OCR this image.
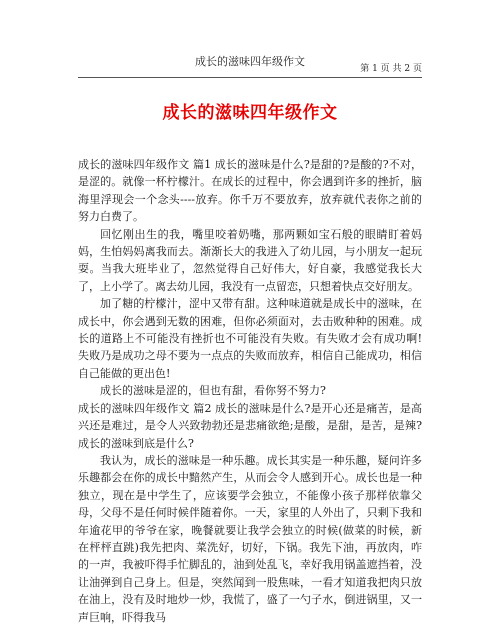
成长的滋味四年级作文
第 1 页 共 2 页
成长的滋味四年级作文

成长的滋味四年级作文 篇1 成长的滋味是什么?是甜的?是酸的?不对，是涩的。就像一杯柠檬汁。在成长的过程中，你会遇到许多的挫折，脑海里浮现会一个念头----放弃。你千万不要放弃，放弃就代表你之前的努力白费了。

回忆刚出生的我，嘴里咬着奶嘴，那两颗如宝石般的眼睛盯着妈妈，生怕妈妈离我而去。渐渐长大的我进入了幼儿园，与小朋友一起玩耍。当我大班毕业了，忽然觉得自己好伟大，好自豪，我感觉我长大了，上小学了。离去幼儿园，我没有一点留恋，只想着快点交好朋友。

加了糖的柠檬汁，涩中又带有甜。这种味道就是成长中的滋味，在成长中，你会遇到无数的困难，但你必须面对，去击败种种的困难。成长的道路上不可能没有挫折也不可能没有失败。有失败才会有成功啊!失败乃是成功之母不要为一点点的失败而放弃，相信自己能成功，相信自己能做的更出色!

成长的滋味是涩的，但也有甜，看你努不努力?

成长的滋味四年级作文 篇2 成长的滋味是什么?是开心还是痛苦，是高兴还是难过，是令人兴致勃勃还是悲痛欲绝;是酸，是甜，是苦，是辣?成长的滋味到底是什么?

我认为，成长的滋味是一种乐趣。成长其实是一种乐趣，疑问许多乐趣都会在你的成长中黯然产生，从而会令人感到开心。成长也是一种独立，现在是中学生了，应该要学会独立，不能像小孩子那样依靠父母，父母不是任何时候伴随着你。一天，家里的人外出了，只剩下我和年逾花甲的爷爷在家，晚餐就要让我学会独立的时候(做菜的时候，新在枰枰直跳)我先把肉、菜洗好，切好，下锅。我先下油，再放肉，咋的一声，我被吓得手忙脚乱的，油到处乱飞，幸好我用锅盖遮挡着，没让油弹到自己身上。但是，突然闻到一股焦味，一看才知道我把肉只放在油上，没有及时地炒一炒，我慌了，盛了一勺子水，倒进锅里，又一声巨响，吓得我马
